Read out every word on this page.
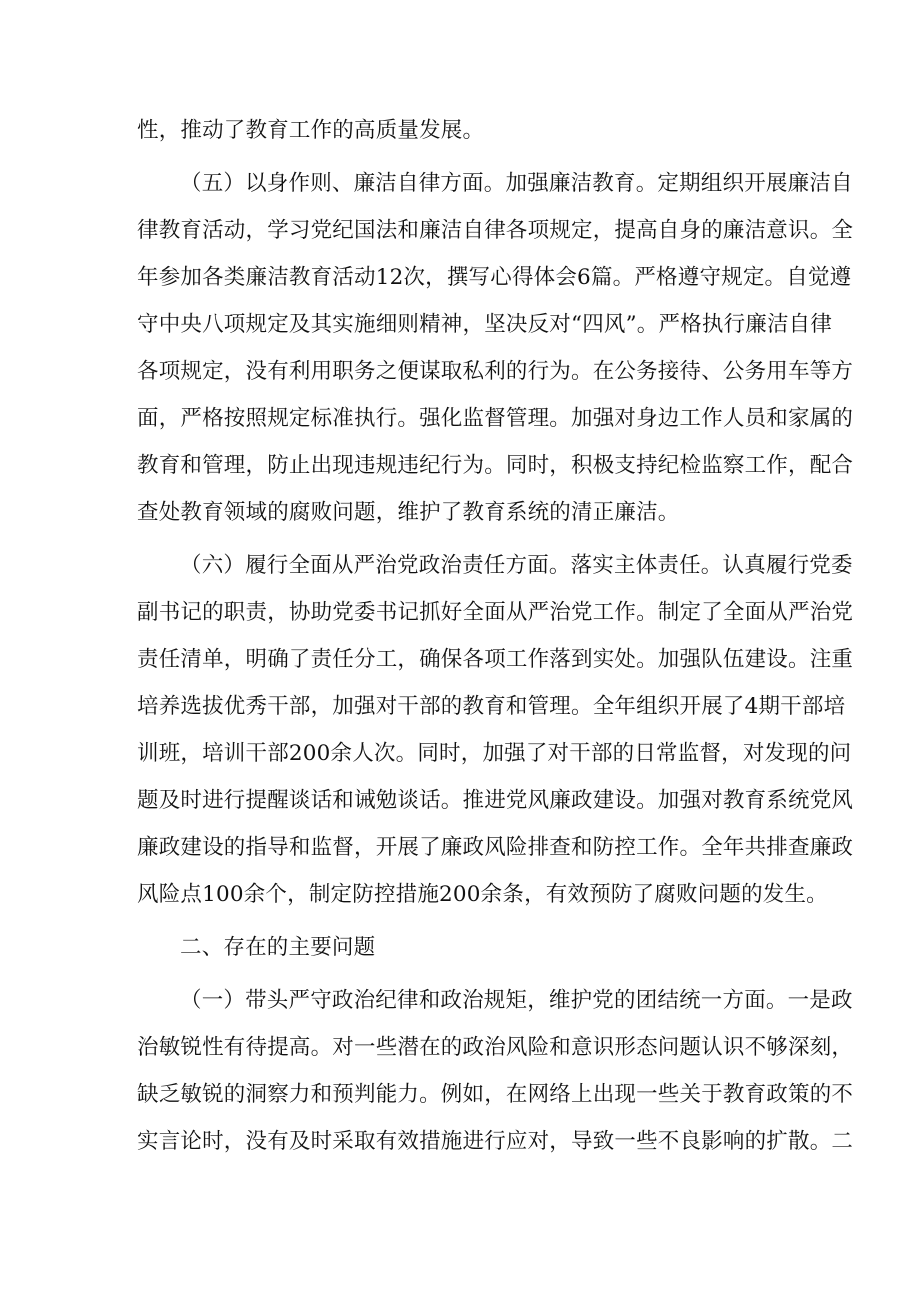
性，推动了教育工作的高质量发展。
（五）以身作则、廉洁自律方面。加强廉洁教育。定期组织开展廉洁自
律教育活动，学习党纪国法和廉洁自律各项规定，提高自身的廉洁意识。全
年参加各类廉洁教育活动12次，撰写心得体会6篇。严格遵守规定。自觉遵
守中央八项规定及其实施细则精神，坚决反对“四风”。严格执行廉洁自律
各项规定，没有利用职务之便谋取私利的行为。在公务接待、公务用车等方
面，严格按照规定标准执行。强化监督管理。加强对身边工作人员和家属的
教育和管理，防止出现违规违纪行为。同时，积极支持纪检监察工作，配合
查处教育领域的腐败问题，维护了教育系统的清正廉洁。
（六）履行全面从严治党政治责任方面。落实主体责任。认真履行党委
副书记的职责，协助党委书记抓好全面从严治党工作。制定了全面从严治党
责任清单，明确了责任分工，确保各项工作落到实处。加强队伍建设。注重
培养选拔优秀干部，加强对干部的教育和管理。全年组织开展了4期干部培
训班，培训干部200余人次。同时，加强了对干部的日常监督，对发现的问
题及时进行提醒谈话和诫勉谈话。推进党风廉政建设。加强对教育系统党风
廉政建设的指导和监督，开展了廉政风险排查和防控工作。全年共排查廉政
风险点100余个，制定防控措施200余条，有效预防了腐败问题的发生。
二、存在的主要问题
（一）带头严守政治纪律和政治规矩，维护党的团结统一方面。一是政
治敏锐性有待提高。对一些潜在的政治风险和意识形态问题认识不够深刻，
缺乏敏锐的洞察力和预判能力。例如，在网络上出现一些关于教育政策的不
实言论时，没有及时采取有效措施进行应对，导致一些不良影响的扩散。二
